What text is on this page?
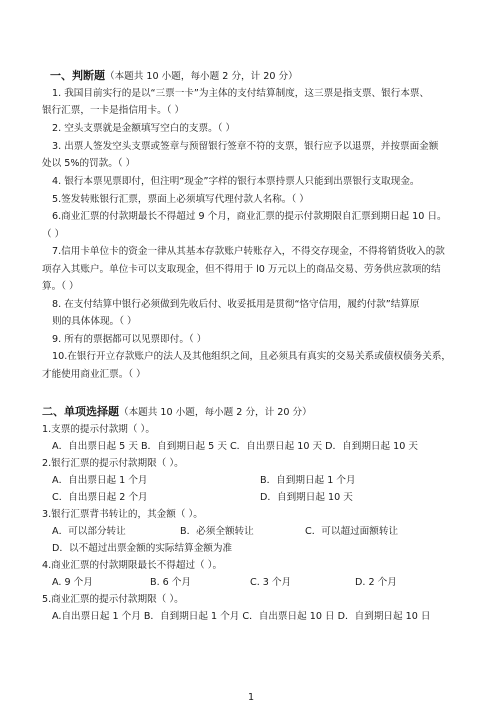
一、判断题（本题共 10 小题，每小题 2 分，计 20 分）
1. 我国目前实行的是以“三票一卡”为主体的支付结算制度，这三票是指支票、银行本票、
银行汇票，一卡是指信用卡。（ ）
2. 空头支票就是金额填写空白的支票。（ ）
3. 出票人签发空头支票或签章与预留银行签章不符的支票，银行应予以退票，并按票面金额
处以 5%的罚款。（ ）
4. 银行本票见票即付，但注明“现金”字样的银行本票持票人只能到出票银行支取现金。
5.签发转账银行汇票，票面上必须填写代理付款人名称。（ ）
6.商业汇票的付款期最长不得超过 9 个月，商业汇票的提示付款期限自汇票到期日起 10 日。
（ ）
7.信用卡单位卡的资金一律从其基本存款账户转账存入，不得交存现金，不得将销货收入的款
项存入其账户。单位卡可以支取现金，但不得用于 l0 万元以上的商品交易、劳务供应款项的结
算。（ ）
8. 在支付结算中银行必须做到先收后付、收妥抵用是贯彻“恪守信用，履约付款”结算原
则的具体体现。（ ）
9. 所有的票据都可以见票即付。（ ）
10.在银行开立存款账户的法人及其他组织之间，且必须具有真实的交易关系或债权债务关系，
才能使用商业汇票。（ ）
二、单项选择题（本题共 10 小题，每小题 2 分，计 20 分）
1.支票的提示付款期（ ）。
A．自出票日起 5 天 B．自到期日起 5 天 C．自出票日起 10 天 D．自到期日起 10 天
2.银行汇票的提示付款期限（ ）。
A．自出票日起 1 个月	B．自到期日起 1 个月
C．自出票日起 2 个月	D．自到期日起 10 天
3.银行汇票背书转让的，其金额（ ）。
A．可以部分转让	B．必须全额转让	C．可以超过面额转让
D．以不超过出票金额的实际结算金额为准
4.商业汇票的付款期限最长不得超过（ ）。
A. 9 个月	B. 6 个月	C. 3 个月	D. 2 个月
5.商业汇票的提示付款期限（ ）。
A.自出票日起 1 个月 B．自到期日起 1 个月 C．自出票日起 10 日 D．自到期日起 10 日
1
